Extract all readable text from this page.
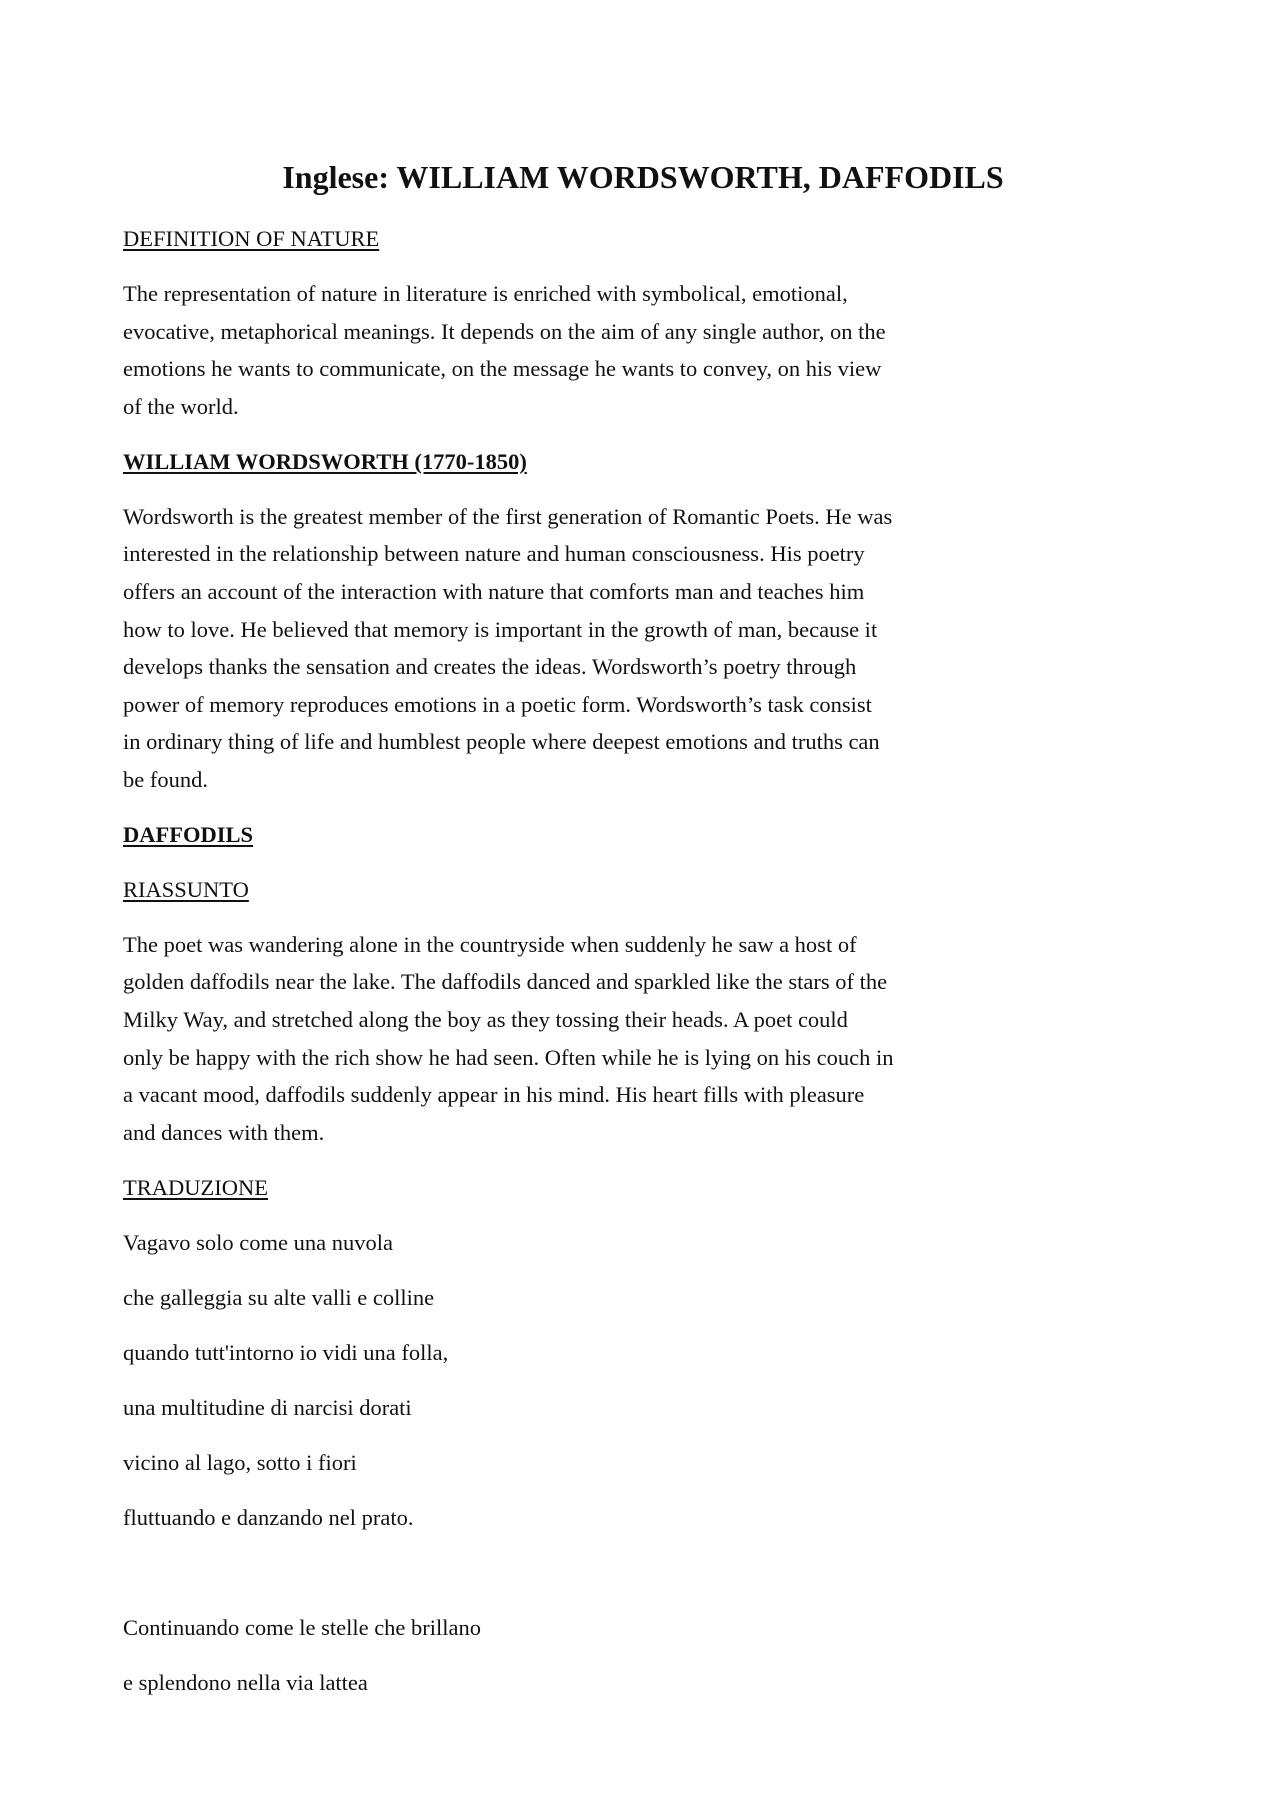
Inglese: WILLIAM WORDSWORTH, DAFFODILS
DEFINITION OF NATURE
The representation of nature in literature is enriched with symbolical, emotional,
evocative, metaphorical meanings. It depends on the aim of any single author, on the
emotions he wants to communicate, on the message he wants to convey, on his view
of the world.
WILLIAM WORDSWORTH (1770-1850)
Wordsworth is the greatest member of the first generation of Romantic Poets. He was
interested in the relationship between nature and human consciousness. His poetry
offers an account of the interaction with nature that comforts man and teaches him
how to love. He believed that memory is important in the growth of man, because it
develops thanks the sensation and creates the ideas. Wordsworth’s poetry through
power of memory reproduces emotions in a poetic form. Wordsworth’s task consist
in ordinary thing of life and humblest people where deepest emotions and truths can
be found.
DAFFODILS
RIASSUNTO
The poet was wandering alone in the countryside when suddenly he saw a host of
golden daffodils near the lake. The daffodils danced and sparkled like the stars of the
Milky Way, and stretched along the boy as they tossing their heads. A poet could
only be happy with the rich show he had seen. Often while he is lying on his couch in
a vacant mood, daffodils suddenly appear in his mind. His heart fills with pleasure
and dances with them.
TRADUZIONE
Vagavo solo come una nuvola
che galleggia su alte valli e colline
quando tutt'intorno io vidi una folla,
una multitudine di narcisi dorati
vicino al lago, sotto i fiori
fluttuando e danzando nel prato.
Continuando come le stelle che brillano
e splendono nella via lattea
